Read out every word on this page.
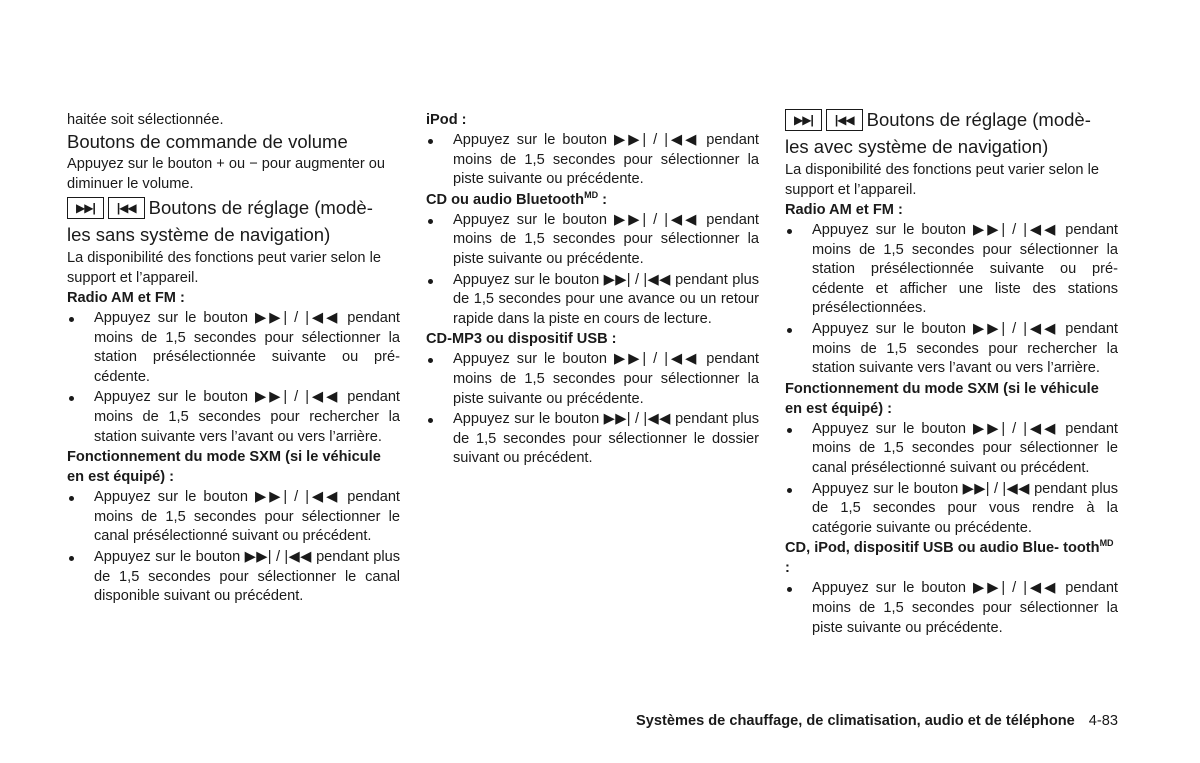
haitée soit sélectionnée.

Boutons de commande de volume

Appuyez sur le bouton + ou − pour augmenter ou diminuer le volume.

▶▶| |◀◀ Boutons de réglage (modè-
les sans système de navigation)

La disponibilité des fonctions peut varier selon le support et l’appareil.

Radio AM et FM :
Appuyez sur le bouton ▶▶| / |◀◀ pendant moins de 1,5 secondes pour sélectionner la station présélectionnée suivante ou pré- cédente.
Appuyez sur le bouton ▶▶| / |◀◀ pendant moins de 1,5 secondes pour rechercher la station suivante vers l’avant ou vers l’arrière.
Fonctionnement du mode SXM (si le véhicule en est équipé) :
Appuyez sur le bouton ▶▶| / |◀◀ pendant moins de 1,5 secondes pour sélectionner le canal présélectionné suivant ou précédent.
Appuyez sur le bouton ▶▶| / |◀◀ pendant plus de 1,5 secondes pour sélectionner le canal disponible suivant ou précédent.
iPod :
Appuyez sur le bouton ▶▶| / |◀◀ pendant moins de 1,5 secondes pour sélectionner la piste suivante ou précédente.
CD ou audio Bluetooth$^{MD}$ :
Appuyez sur le bouton ▶▶| / |◀◀ pendant moins de 1,5 secondes pour sélectionner la piste suivante ou précédente.
Appuyez sur le bouton ▶▶| / |◀◀ pendant plus de 1,5 secondes pour une avance ou un retour rapide dans la piste en cours de lecture.
CD-MP3 ou dispositif USB :
Appuyez sur le bouton ▶▶| / |◀◀ pendant moins de 1,5 secondes pour sélectionner la piste suivante ou précédente.
Appuyez sur le bouton ▶▶| / |◀◀ pendant plus de 1,5 secondes pour sélectionner le dossier suivant ou précédent.
▶▶| |◀◀ Boutons de réglage (modè-
les avec système de navigation)

La disponibilité des fonctions peut varier selon le support et l’appareil.

Radio AM et FM :
Appuyez sur le bouton ▶▶| / |◀◀ pendant moins de 1,5 secondes pour sélectionner la station présélectionnée suivante ou pré- cédente et afficher une liste des stations présélectionnées.
Appuyez sur le bouton ▶▶| / |◀◀ pendant moins de 1,5 secondes pour rechercher la station suivante vers l’avant ou vers l’arrière.
Fonctionnement du mode SXM (si le véhicule en est équipé) :
Appuyez sur le bouton ▶▶| / |◀◀ pendant moins de 1,5 secondes pour sélectionner le canal présélectionné suivant ou précédent.
Appuyez sur le bouton ▶▶| / |◀◀ pendant plus de 1,5 secondes pour vous rendre à la catégorie suivante ou précédente.
CD, iPod, dispositif USB ou audio Blue- tooth$^{MD}$ :
Appuyez sur le bouton ▶▶| / |◀◀ pendant moins de 1,5 secondes pour sélectionner la piste suivante ou précédente.
Systèmes de chauffage, de climatisation, audio et de téléphone 4-83
